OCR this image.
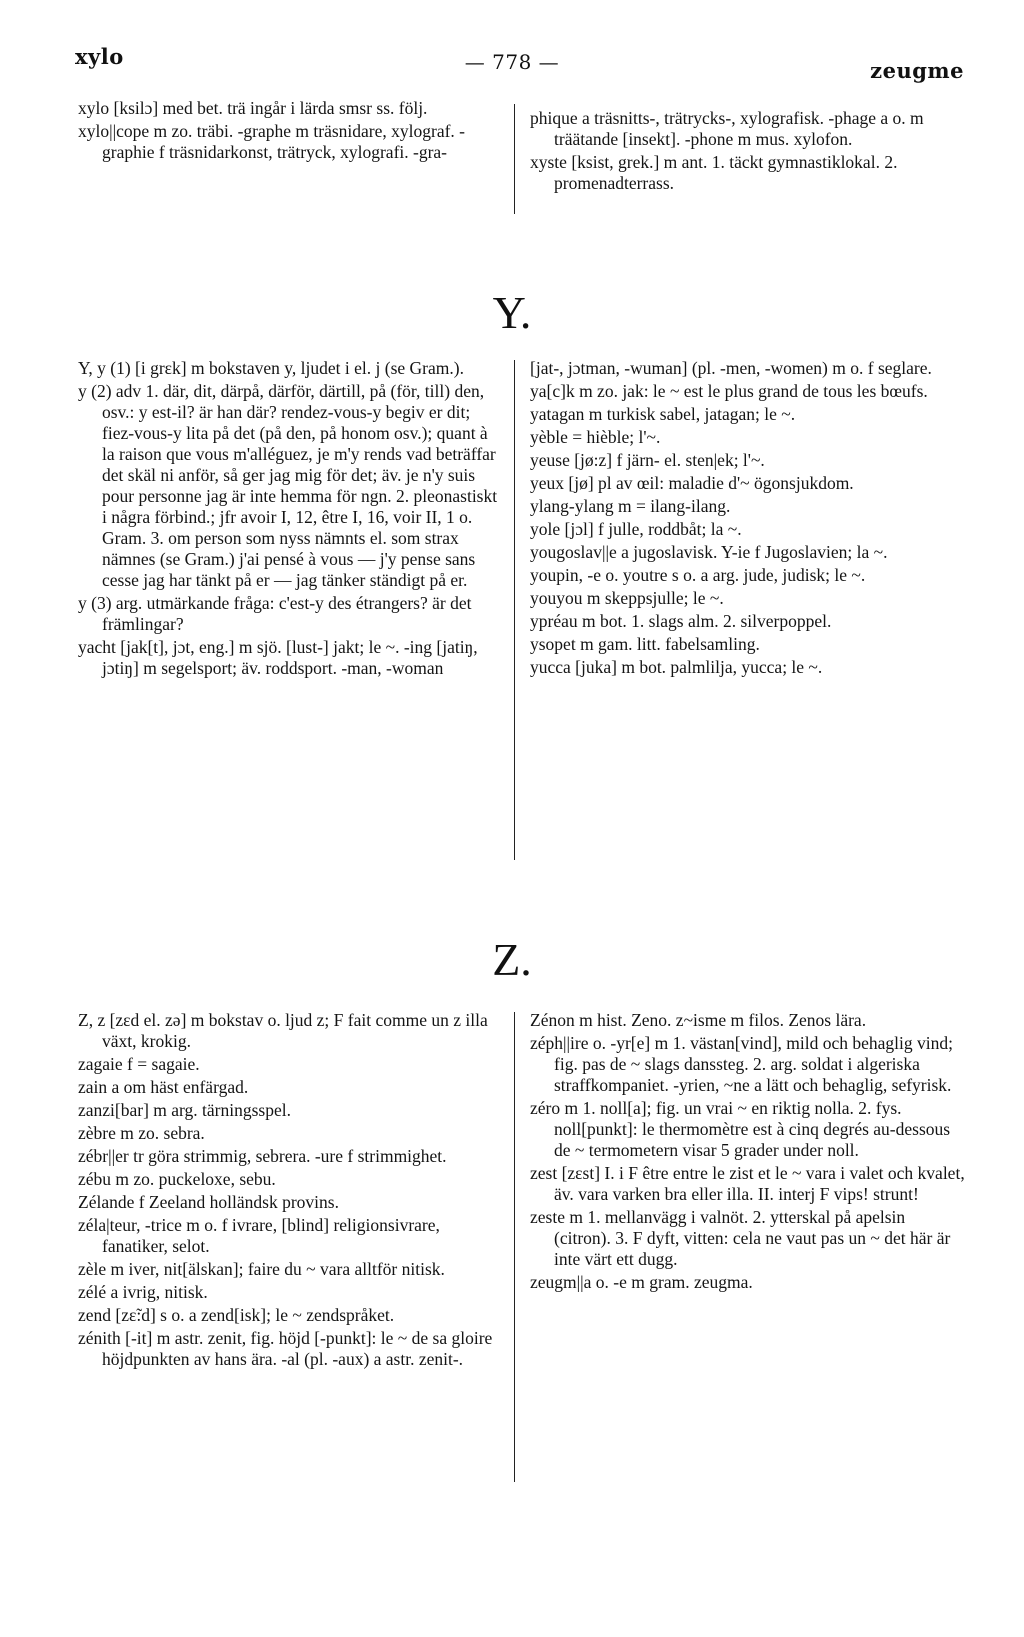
xylo	— 778 —	zeugme

xylo [ksilɔ] med bet. trä ingår i lärda smsr ss. följ.

xylo||cope m zo. träbi. -graphe m träsnidare, xylograf. -graphie f träsnidarkonst, trätryck, xylografi. -gra-

phique a träsnitts-, trätrycks-, xylografisk. -phage a o. m träätande [insekt]. -phone m mus. xylofon.

xyste [ksist, grek.] m ant. 1. täckt gymnastiklokal. 2. promenadterrass.

Y.

Y, y (1) [i grɛk] m bokstaven y, ljudet i el. j (se Gram.).

y (2) adv 1. där, dit, därpå, därför, därtill, på (för, till) den, osv.: y est-il? är han där? rendez-vous-y begiv er dit; fiez-vous-y lita på det (på den, på honom osv.); quant à la raison que vous m'alléguez, je m'y rends vad beträffar det skäl ni anför, så ger jag mig för det; äv. je n'y suis pour personne jag är inte hemma för ngn. 2. pleonastiskt i några förbind.; jfr avoir I, 12, être I, 16, voir II, 1 o. Gram. 3. om person som nyss nämnts el. som strax nämnes (se Gram.) j'ai pensé à vous — j'y pense sans cesse jag har tänkt på er — jag tänker ständigt på er.

y (3) arg. utmärkande fråga: c'est-y des étrangers? är det främlingar?

yacht [jak[t], jɔt, eng.] m sjö. [lust-] jakt; le ~. -ing [jatiŋ, jɔtiŋ] m segelsport; äv. roddsport. -man, -woman

[jat-, jɔtman, -wuman] (pl. -men, -women) m o. f seglare.

ya[c]k m zo. jak: le ~ est le plus grand de tous les bœufs.

yatagan m turkisk sabel, jatagan; le ~.

yèble = hièble; l'~.

yeuse [jø:z] f järn- el. sten|ek; l'~.

yeux [jø] pl av œil: maladie d'~ ögonsjukdom.

ylang-ylang m = ilang-ilang.

yole [jɔl] f julle, roddbåt; la ~.

yougoslav||e a jugoslavisk. Y-ie f Jugoslavien; la ~.

youpin, -e o. youtre s o. a arg. jude, judisk; le ~.

youyou m skeppsjulle; le ~.

ypréau m bot. 1. slags alm. 2. silverpoppel.

ysopet m gam. litt. fabelsamling.

yucca [juka] m bot. palmlilja, yucca; le ~.

Z.

Z, z [zɛd el. zə] m bokstav o. ljud z; F fait comme un z illa växt, krokig.

zagaie f = sagaie.

zain a om häst enfärgad.

zanzi[bar] m arg. tärningsspel.

zèbre m zo. sebra.

zébr||er tr göra strimmig, sebrera. -ure f strimmighet.

zébu m zo. puckeloxe, sebu.

Zélande f Zeeland holländsk provins.

zéla|teur, -trice m o. f ivrare, [blind] religionsivrare, fanatiker, selot.

zèle m iver, nit[älskan]; faire du ~ vara alltför nitisk.

zélé a ivrig, nitisk.

zend [zɛ̃:d] s o. a zend[isk]; le ~ zendspråket.

zénith [-it] m astr. zenit, fig. höjd [-punkt]: le ~ de sa gloire höjdpunkten av hans ära. -al (pl. -aux) a astr. zenit-.

Zénon m hist. Zeno. z~isme m filos. Zenos lära.

zéph||ire o. -yr[e] m 1. västan[vind], mild och behaglig vind; fig. pas de ~ slags danssteg. 2. arg. soldat i algeriska straffkompaniet. -yrien, ~ne a lätt och behaglig, sefyrisk.

zéro m 1. noll[a]; fig. un vrai ~ en riktig nolla. 2. fys. noll[punkt]: le thermomètre est à cinq degrés au-dessous de ~ termometern visar 5 grader under noll.

zest [zɛst] I. i F être entre le zist et le ~ vara i valet och kvalet, äv. vara varken bra eller illa. II. interj F vips! strunt!

zeste m 1. mellanvägg i valnöt. 2. ytterskal på apelsin (citron). 3. F dyft, vitten: cela ne vaut pas un ~ det här är inte värt ett dugg.

zeugm||a o. -e m gram. zeugma.
